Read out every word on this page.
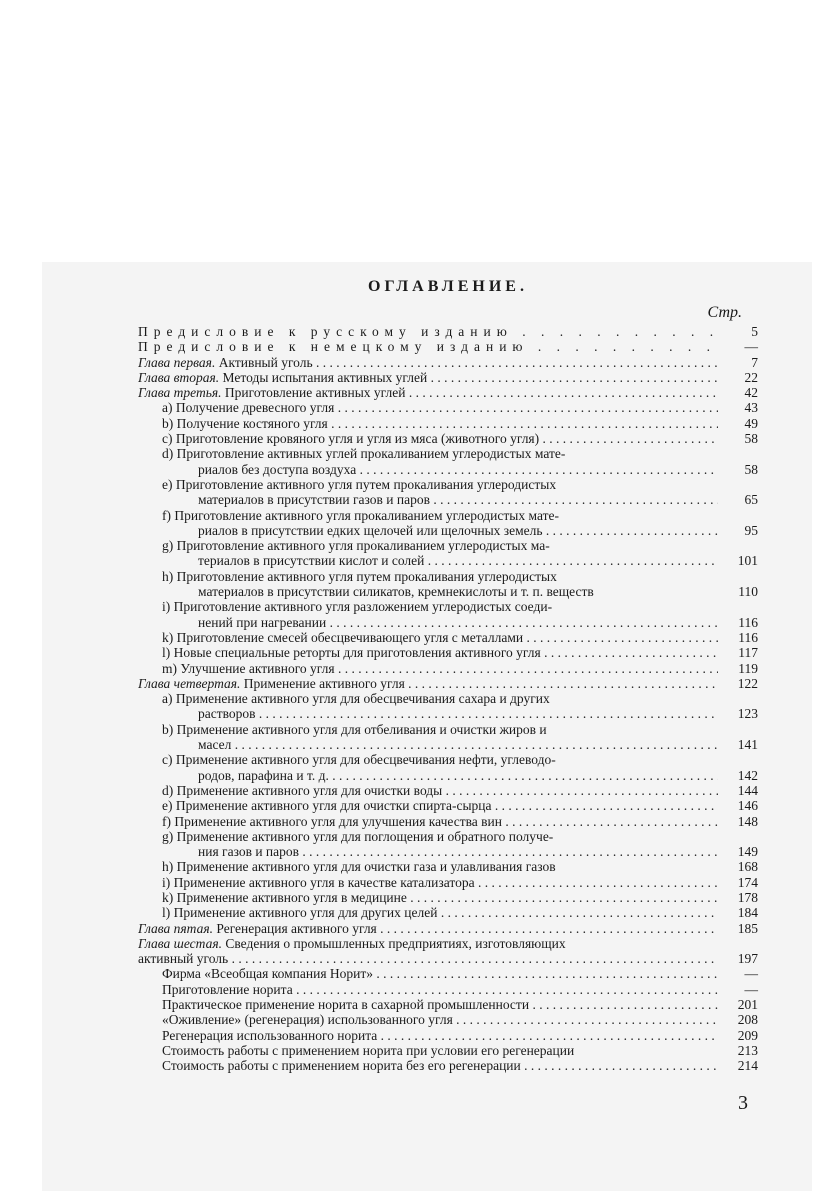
ОГЛАВЛЕНИЕ.
Стр.
Предисловие к русскому изданию . . .	5
Предисловие к немецкому изданию . . .	—
Глава первая. Активный уголь . . .	7
Глава вторая. Методы испытания активных углей . . .	22
Глава третья. Приготовление активных углей . . .	42
a) Получение древесного угля . . .	43
b) Получение костяного угля . . .	49
c) Приготовление кровяного угля и угля из мяса (животного угля) . . .	58
d) Приготовление активных углей прокаливанием углеродистых мате-
риалов без доступа воздуха . . .	58
e) Приготовление активного угля путем прокаливания углеродистых
материалов в присутствии газов и паров . . .	65
f) Приготовление активного угля прокаливанием углеродистых мате-
риалов в присутствии едких щелочей или щелочных земель . . .	95
g) Приготовление активного угля прокаливанием углеродистых ма-
териалов в присутствии кислот и солей . . .	101
h) Приготовление активного угля путем прокаливания углеродистых
материалов в присутствии силикатов, кремнекислоты и т. п. веществ	110
i) Приготовление активного угля разложением углеродистых соеди-
нений при нагревании . . .	116
k) Приготовление смесей обесцвечивающего угля с металлами . . .	116
l) Новые специальные реторты для приготовления активного угля . . .	117
m) Улучшение активного угля . . .	119
Глава четвертая. Применение активного угля . . .	122
a) Применение активного угля для обесцвечивания сахара и других
растворов . . .	123
b) Применение активного угля для отбеливания и очистки жиров и
масел . . .	141
c) Применение активного угля для обесцвечивания нефти, углеводо-
родов, парафина и т. д. . . .	142
d) Применение активного угля для очистки воды . . .	144
e) Применение активного угля для очистки спирта-сырца . . .	146
f) Применение активного угля для улучшения качества вин . . .	148
g) Применение активного угля для поглощения и обратного получе-
ния газов и паров . . .	149
h) Применение активного угля для очистки газа и улавливания газов	168
i) Применение активного угля в качестве катализатора . . .	174
k) Применение активного угля в медицине . . .	178
l) Применение активного угля для других целей . . .	184
Глава пятая. Регенерация активного угля . . .	185
Глава шестая. Сведения о промышленных предприятиях, изготовляющих
активный уголь . . .	197
Фирма «Всеобщая компания Норит» . . .	—
Приготовление норита . . .	—
Практическое применение норита в сахарной промышленности . . .	201
«Оживление» (регенерация) использованного угля . . .	208
Регенерация использованного норита . . .	209
Стоимость работы с применением норита при условии его регенерации	213
Стоимость работы с применением норита без его регенерации . . .	214
3
